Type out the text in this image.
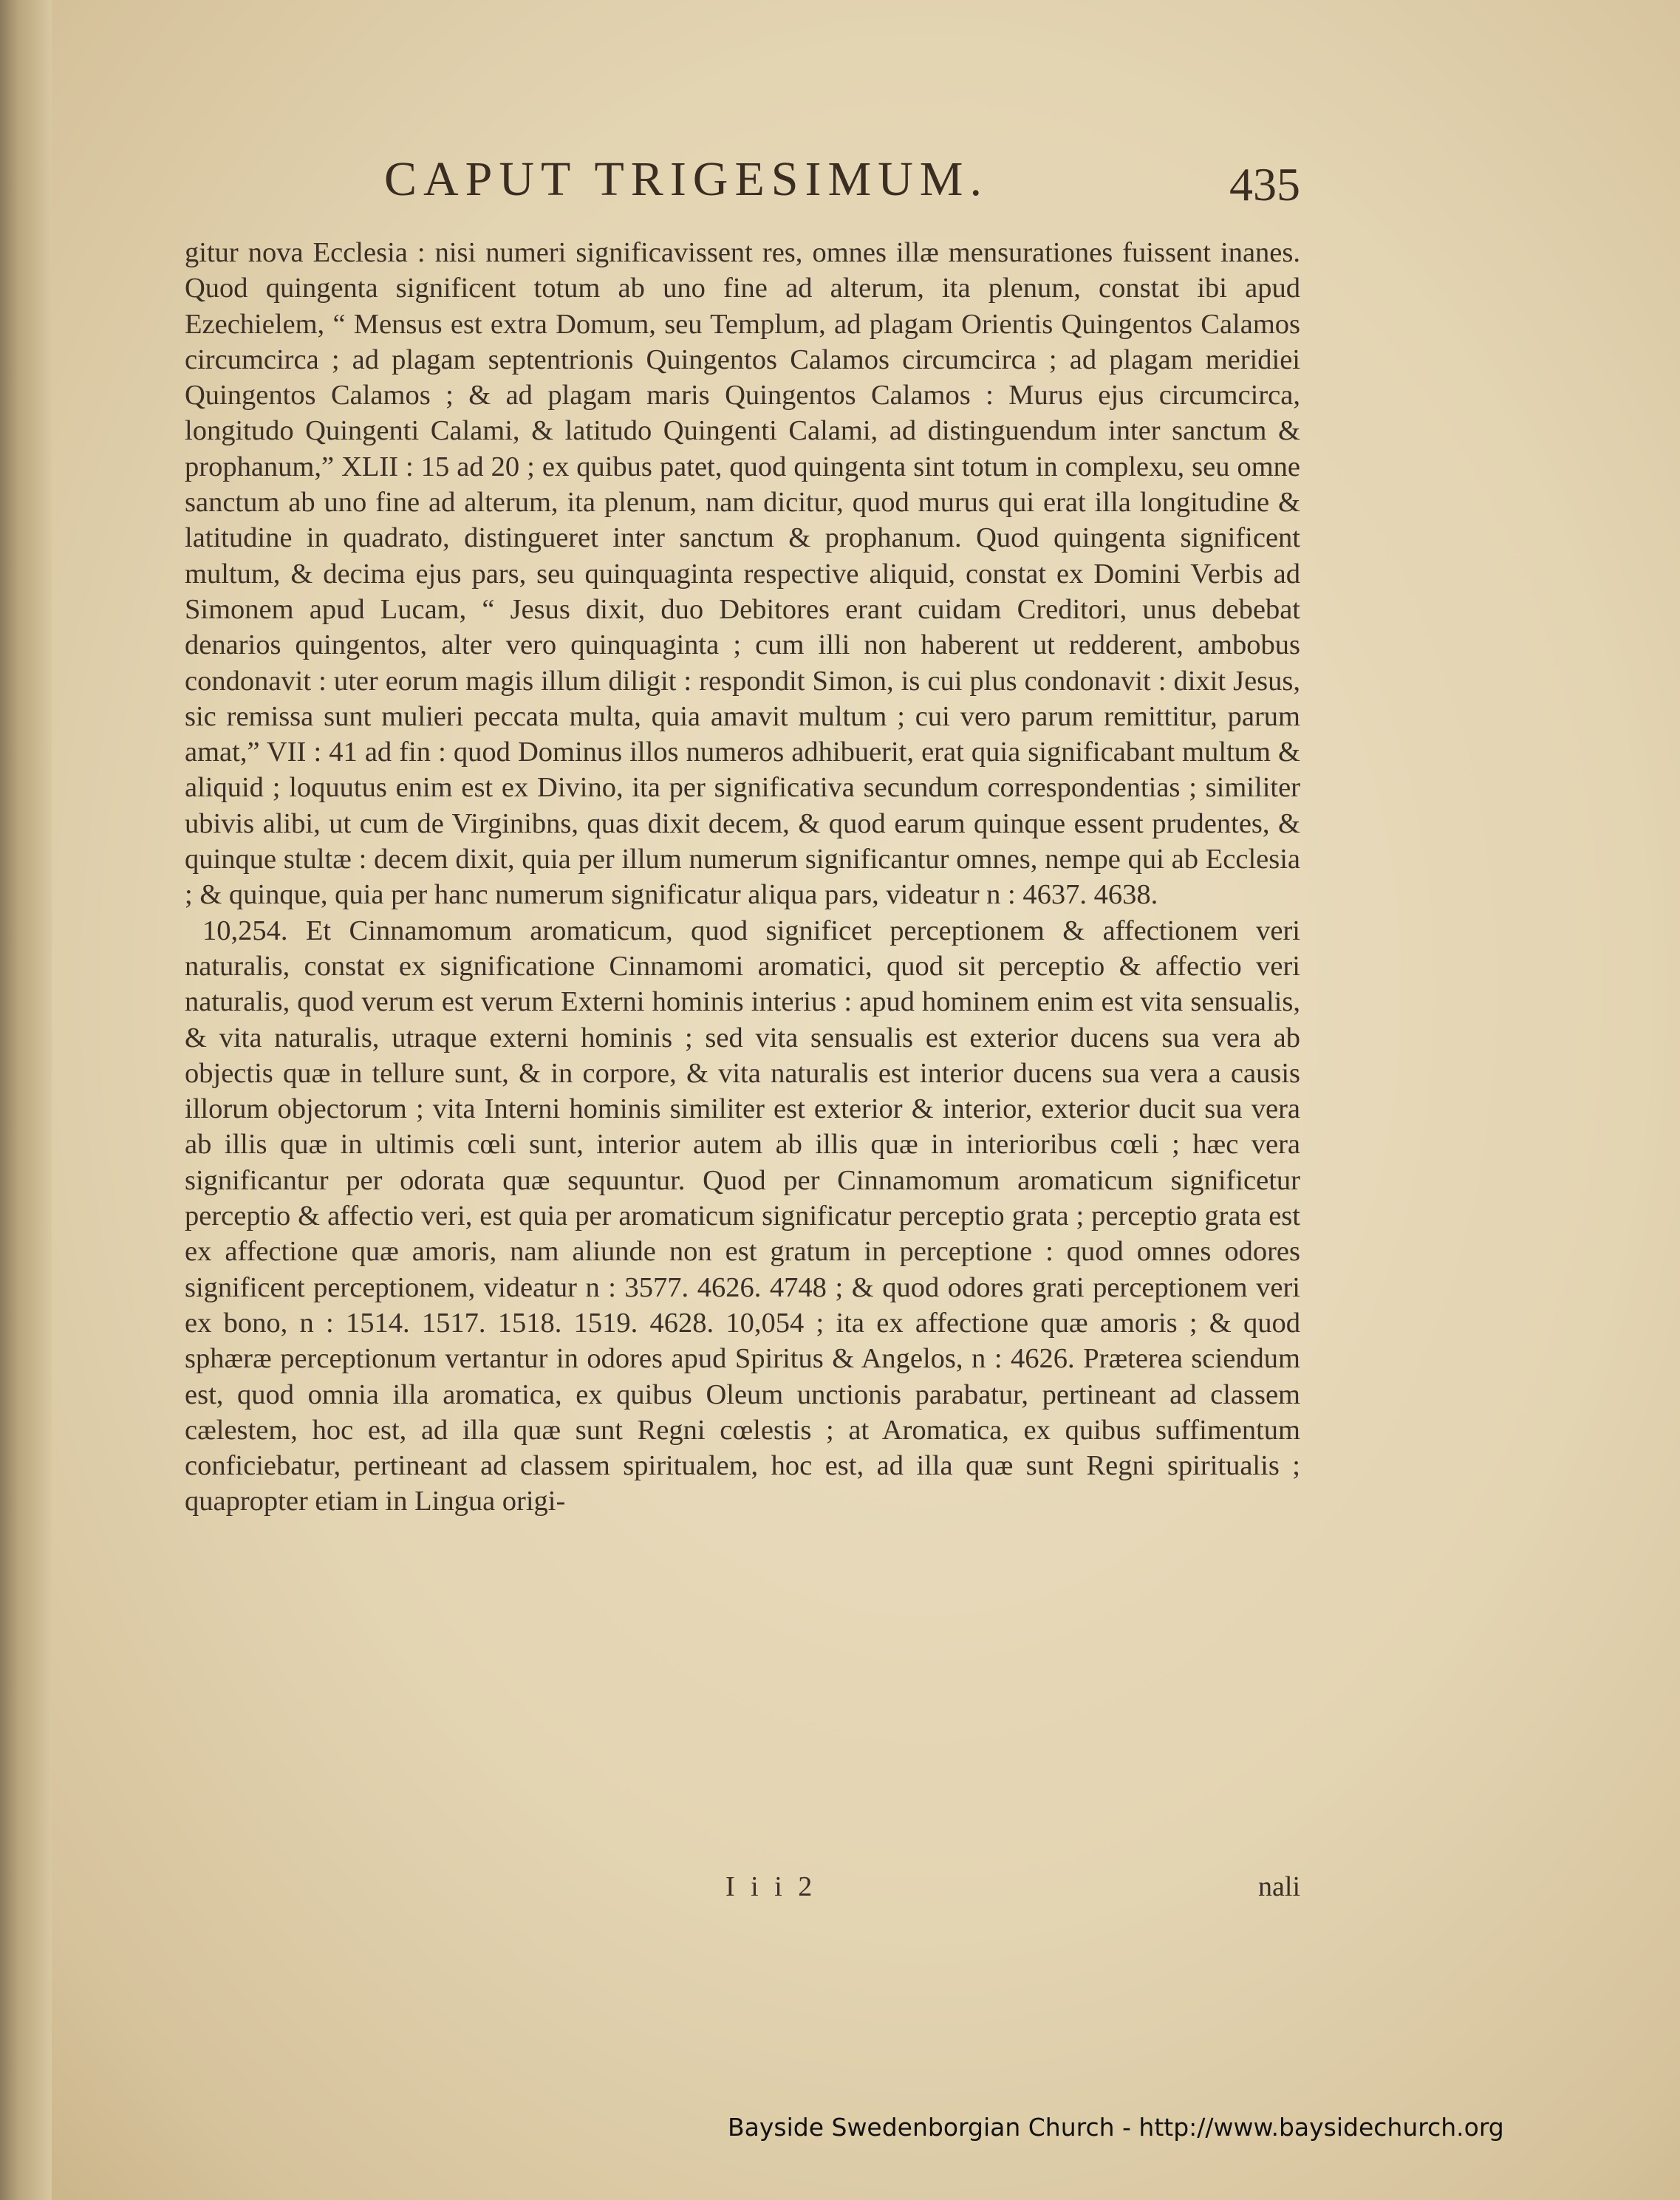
CAPUT TRIGESIMUM.	435

gitur nova Ecclesia : nisi numeri significavissent res, omnes illæ mensurationes fuissent inanes. Quod quingenta significent totum ab uno fine ad alterum, ita plenum, constat ibi apud Ezechielem, “ Mensus est extra Domum, seu Templum, ad plagam Orientis Quingentos Calamos circumcirca ; ad plagam septentrionis Quingentos Calamos circumcirca ; ad plagam meridiei Quingentos Calamos ; & ad plagam maris Quingentos Calamos : Murus ejus circumcirca, longitudo Quingenti Calami, & latitudo Quingenti Calami, ad distinguendum inter sanctum & prophanum,” XLII : 15 ad 20 ; ex quibus patet, quod quingenta sint totum in complexu, seu omne sanctum ab uno fine ad alterum, ita plenum, nam dicitur, quod murus qui erat illa longitudine & latitudine in quadrato, distingueret inter sanctum & prophanum. Quod quingenta significent multum, & decima ejus pars, seu quinquaginta respective aliquid, constat ex Domini Verbis ad Simonem apud Lucam, “ Jesus dixit, duo Debitores erant cuidam Creditori, unus debebat denarios quingentos, alter vero quinquaginta ; cum illi non haberent ut redderent, ambobus condonavit : uter eorum magis illum diligit : respondit Simon, is cui plus condonavit : dixit Jesus, sic remissa sunt mulieri peccata multa, quia amavit multum ; cui vero parum remittitur, parum amat,” VII : 41 ad fin : quod Dominus illos numeros adhibuerit, erat quia significabant multum & aliquid ; loquutus enim est ex Divino, ita per significativa secundum correspondentias ; similiter ubivis alibi, ut cum de Virginibns, quas dixit decem, & quod earum quinque essent prudentes, & quinque stultæ : decem dixit, quia per illum numerum significantur omnes, nempe qui ab Ecclesia ; & quinque, quia per hanc numerum significatur aliqua pars, videatur n : 4637. 4638.

10,254. Et Cinnamomum aromaticum, quod significet perceptionem & affectionem veri naturalis, constat ex significatione Cinnamomi aromatici, quod sit perceptio & affectio veri naturalis, quod verum est verum Externi hominis interius : apud hominem enim est vita sensualis, & vita naturalis, utraque externi hominis ; sed vita sensualis est exterior ducens sua vera ab objectis quæ in tellure sunt, & in corpore, & vita naturalis est interior ducens sua vera a causis illorum objectorum ; vita Interni hominis similiter est exterior & interior, exterior ducit sua vera ab illis quæ in ultimis cœli sunt, interior autem ab illis quæ in interioribus cœli ; hæc vera significantur per odorata quæ sequuntur. Quod per Cinnamomum aromaticum significetur perceptio & affectio veri, est quia per aromaticum significatur perceptio grata ; perceptio grata est ex affectione quæ amoris, nam aliunde non est gratum in perceptione : quod omnes odores significent perceptionem, videatur n : 3577. 4626. 4748 ; & quod odores grati perceptionem veri ex bono, n : 1514. 1517. 1518. 1519. 4628. 10,054 ; ita ex affectione quæ amoris ; & quod sphæræ perceptionum vertantur in odores apud Spiritus & Angelos, n : 4626. Præterea sciendum est, quod omnia illa aromatica, ex quibus Oleum unctionis parabatur, pertineant ad classem cælestem, hoc est, ad illa quæ sunt Regni cœlestis ; at Aromatica, ex quibus suffimentum conficiebatur, pertineant ad classem spiritualem, hoc est, ad illa quæ sunt Regni spiritualis ; quapropter etiam in Lingua origi-

I i i 2	nali
Bayside Swedenborgian Church - http://www.baysidechurch.org
